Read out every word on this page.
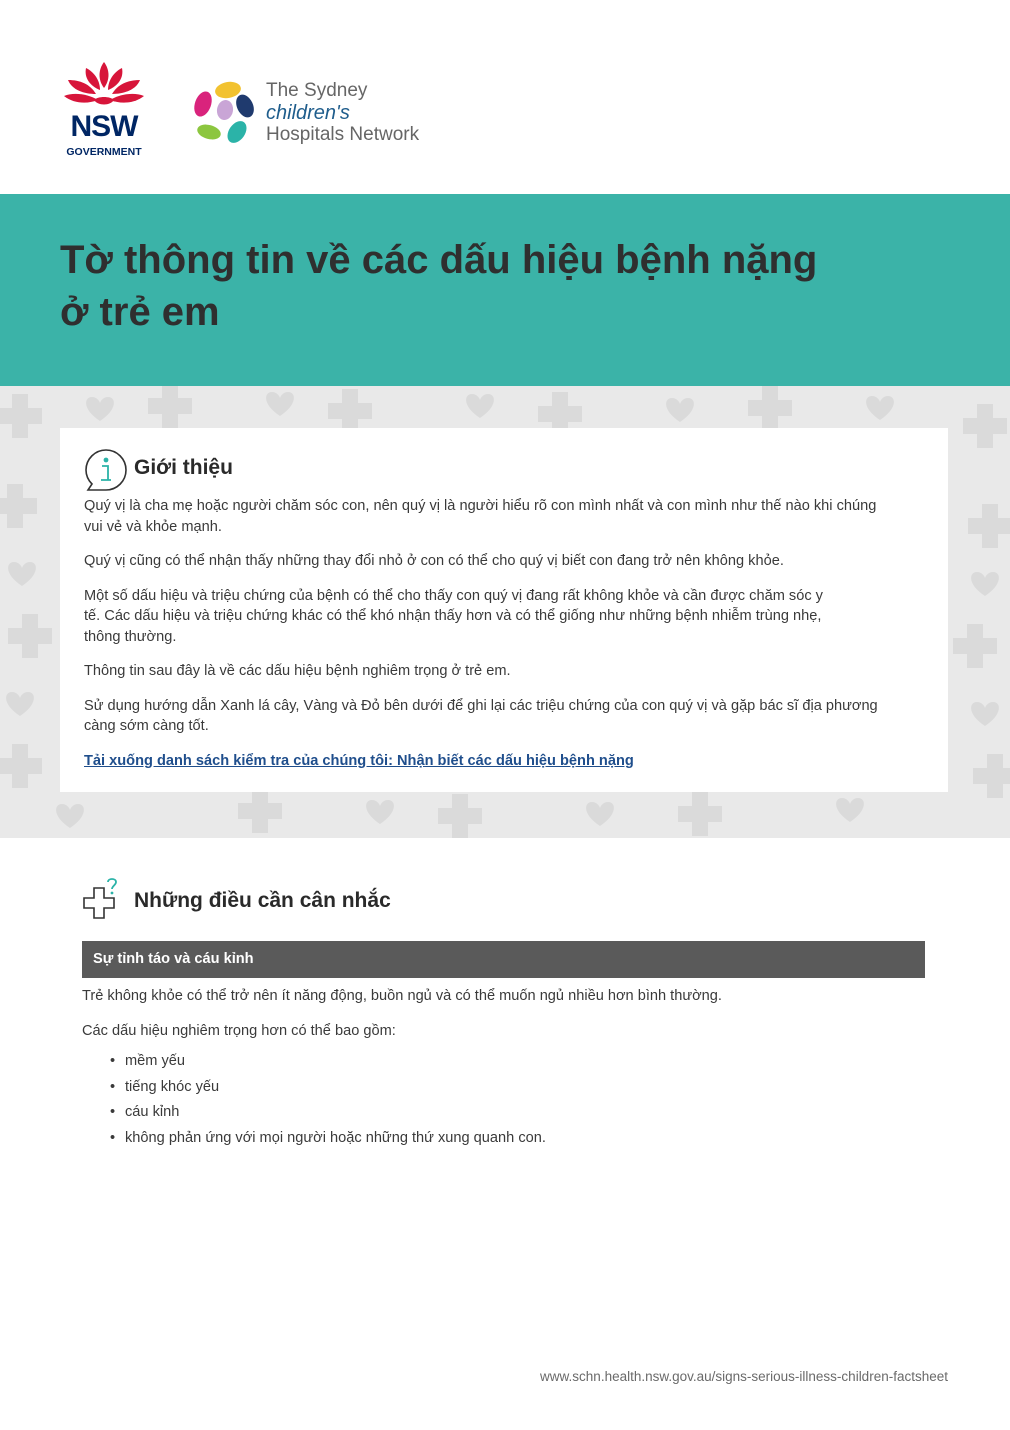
NSW
GOVERNMENT
The Sydney
children's
Hospitals Network
Tờ thông tin về các dấu hiệu bệnh nặng
ở trẻ em
Giới thiệu

Quý vị là cha mẹ hoặc người chăm sóc con, nên quý vị là người hiểu rõ con mình nhất và con mình như thế nào khi chúng
vui vẻ và khỏe mạnh.

Quý vị cũng có thể nhận thấy những thay đổi nhỏ ở con có thể cho quý vị biết con đang trở nên không khỏe.

Một số dấu hiệu và triệu chứng của bệnh có thể cho thấy con quý vị đang rất không khỏe và cần được chăm sóc y
tế. Các dấu hiệu và triệu chứng khác có thể khó nhận thấy hơn và có thể giống như những bệnh nhiễm trùng nhẹ,
thông thường.

Thông tin sau đây là về các dấu hiệu bệnh nghiêm trọng ở trẻ em.

Sử dụng hướng dẫn Xanh lá cây, Vàng và Đỏ bên dưới để ghi lại các triệu chứng của con quý vị và gặp bác sĩ địa phương
càng sớm càng tốt.

Tải xuống danh sách kiểm tra của chúng tôi: Nhận biết các dấu hiệu bệnh nặng

Những điều cần cân nhắc
Sự tỉnh táo và cáu kỉnh

Trẻ không khỏe có thể trở nên ít năng động, buồn ngủ và có thể muốn ngủ nhiều hơn bình thường.

Các dấu hiệu nghiêm trọng hơn có thể bao gồm:

• mềm yếu
• tiếng khóc yếu
• cáu kỉnh
• không phản ứng với mọi người hoặc những thứ xung quanh con.
www.schn.health.nsw.gov.au/signs-serious-illness-children-factsheet
